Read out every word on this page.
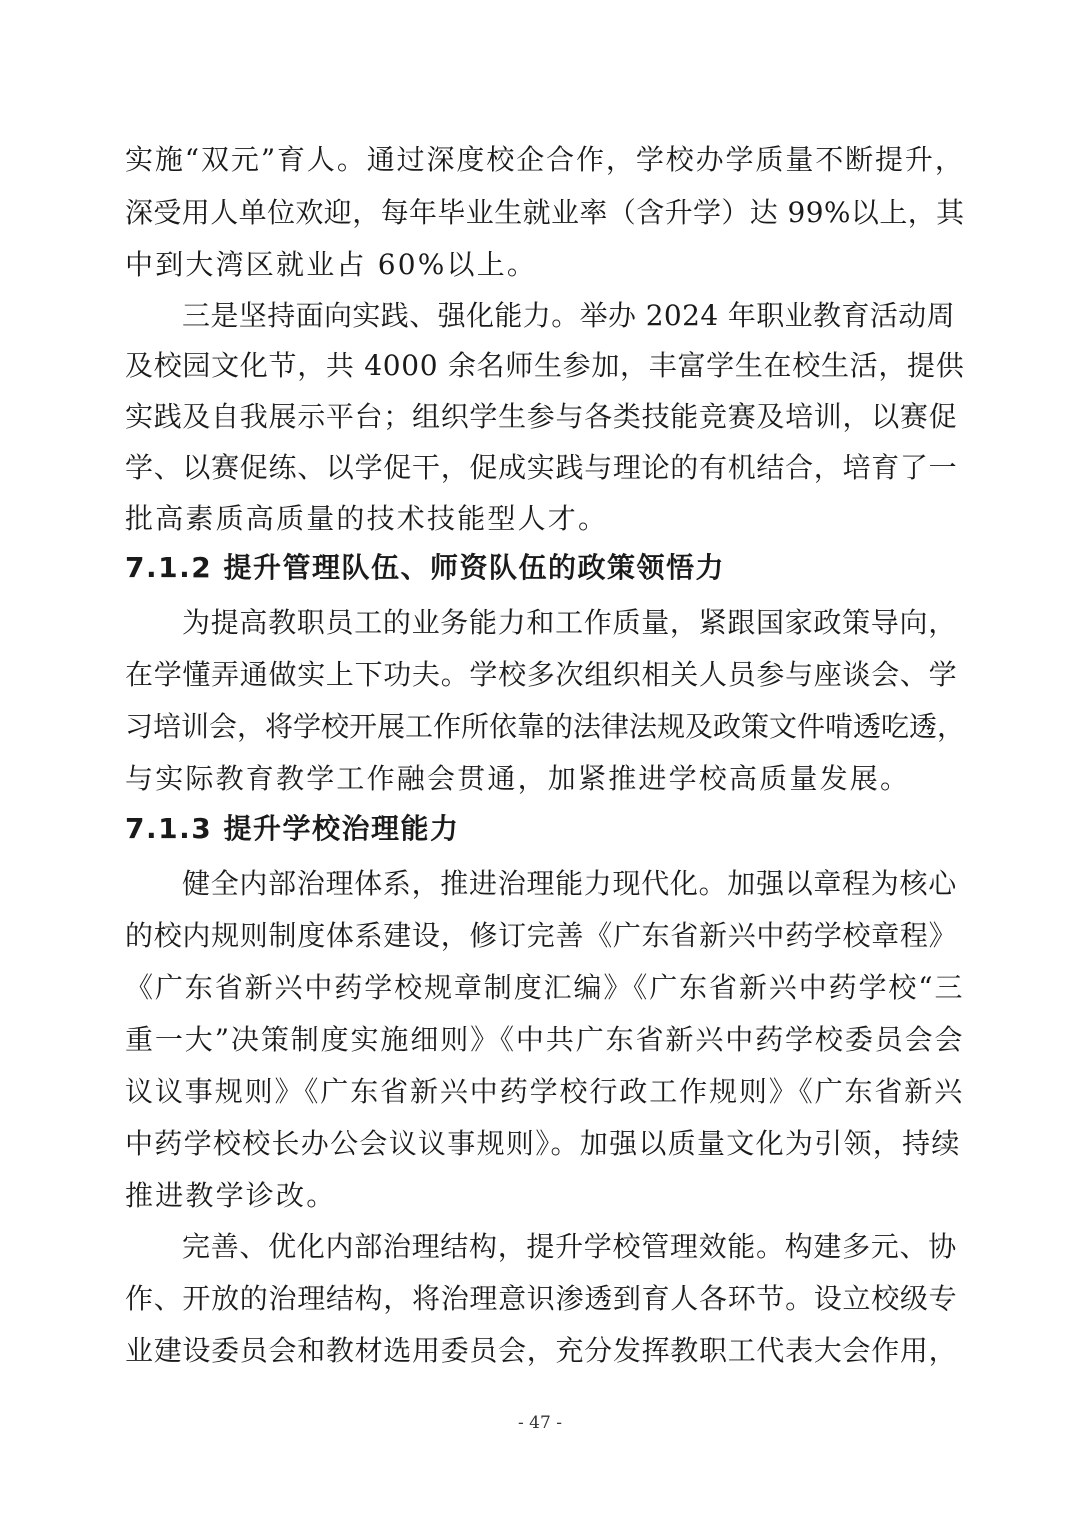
实施“双元”育人。通过深度校企合作，学校办学质量不断提升，
深受用人单位欢迎，每年毕业生就业率（含升学）达 99%以上，其
中到大湾区就业占 60%以上。
三是坚持面向实践、强化能力。举办 2024 年职业教育活动周
及校园文化节，共 4000 余名师生参加，丰富学生在校生活，提供
实践及自我展示平台；组织学生参与各类技能竞赛及培训，以赛促
学、以赛促练、以学促干，促成实践与理论的有机结合，培育了一
批高素质高质量的技术技能型人才。
7.1.2 提升管理队伍、师资队伍的政策领悟力
为提高教职员工的业务能力和工作质量，紧跟国家政策导向，
在学懂弄通做实上下功夫。学校多次组织相关人员参与座谈会、学
习培训会，将学校开展工作所依靠的法律法规及政策文件啃透吃透，
与实际教育教学工作融会贯通，加紧推进学校高质量发展。
7.1.3 提升学校治理能力
健全内部治理体系，推进治理能力现代化。加强以章程为核心
的校内规则制度体系建设，修订完善《广东省新兴中药学校章程》
《广东省新兴中药学校规章制度汇编》《广东省新兴中药学校“三
重一大”决策制度实施细则》《中共广东省新兴中药学校委员会会
议议事规则》《广东省新兴中药学校行政工作规则》《广东省新兴
中药学校校长办公会议议事规则》。加强以质量文化为引领，持续
推进教学诊改。
完善、优化内部治理结构，提升学校管理效能。构建多元、协
作、开放的治理结构，将治理意识渗透到育人各环节。设立校级专
业建设委员会和教材选用委员会，充分发挥教职工代表大会作用，
- 47 -
